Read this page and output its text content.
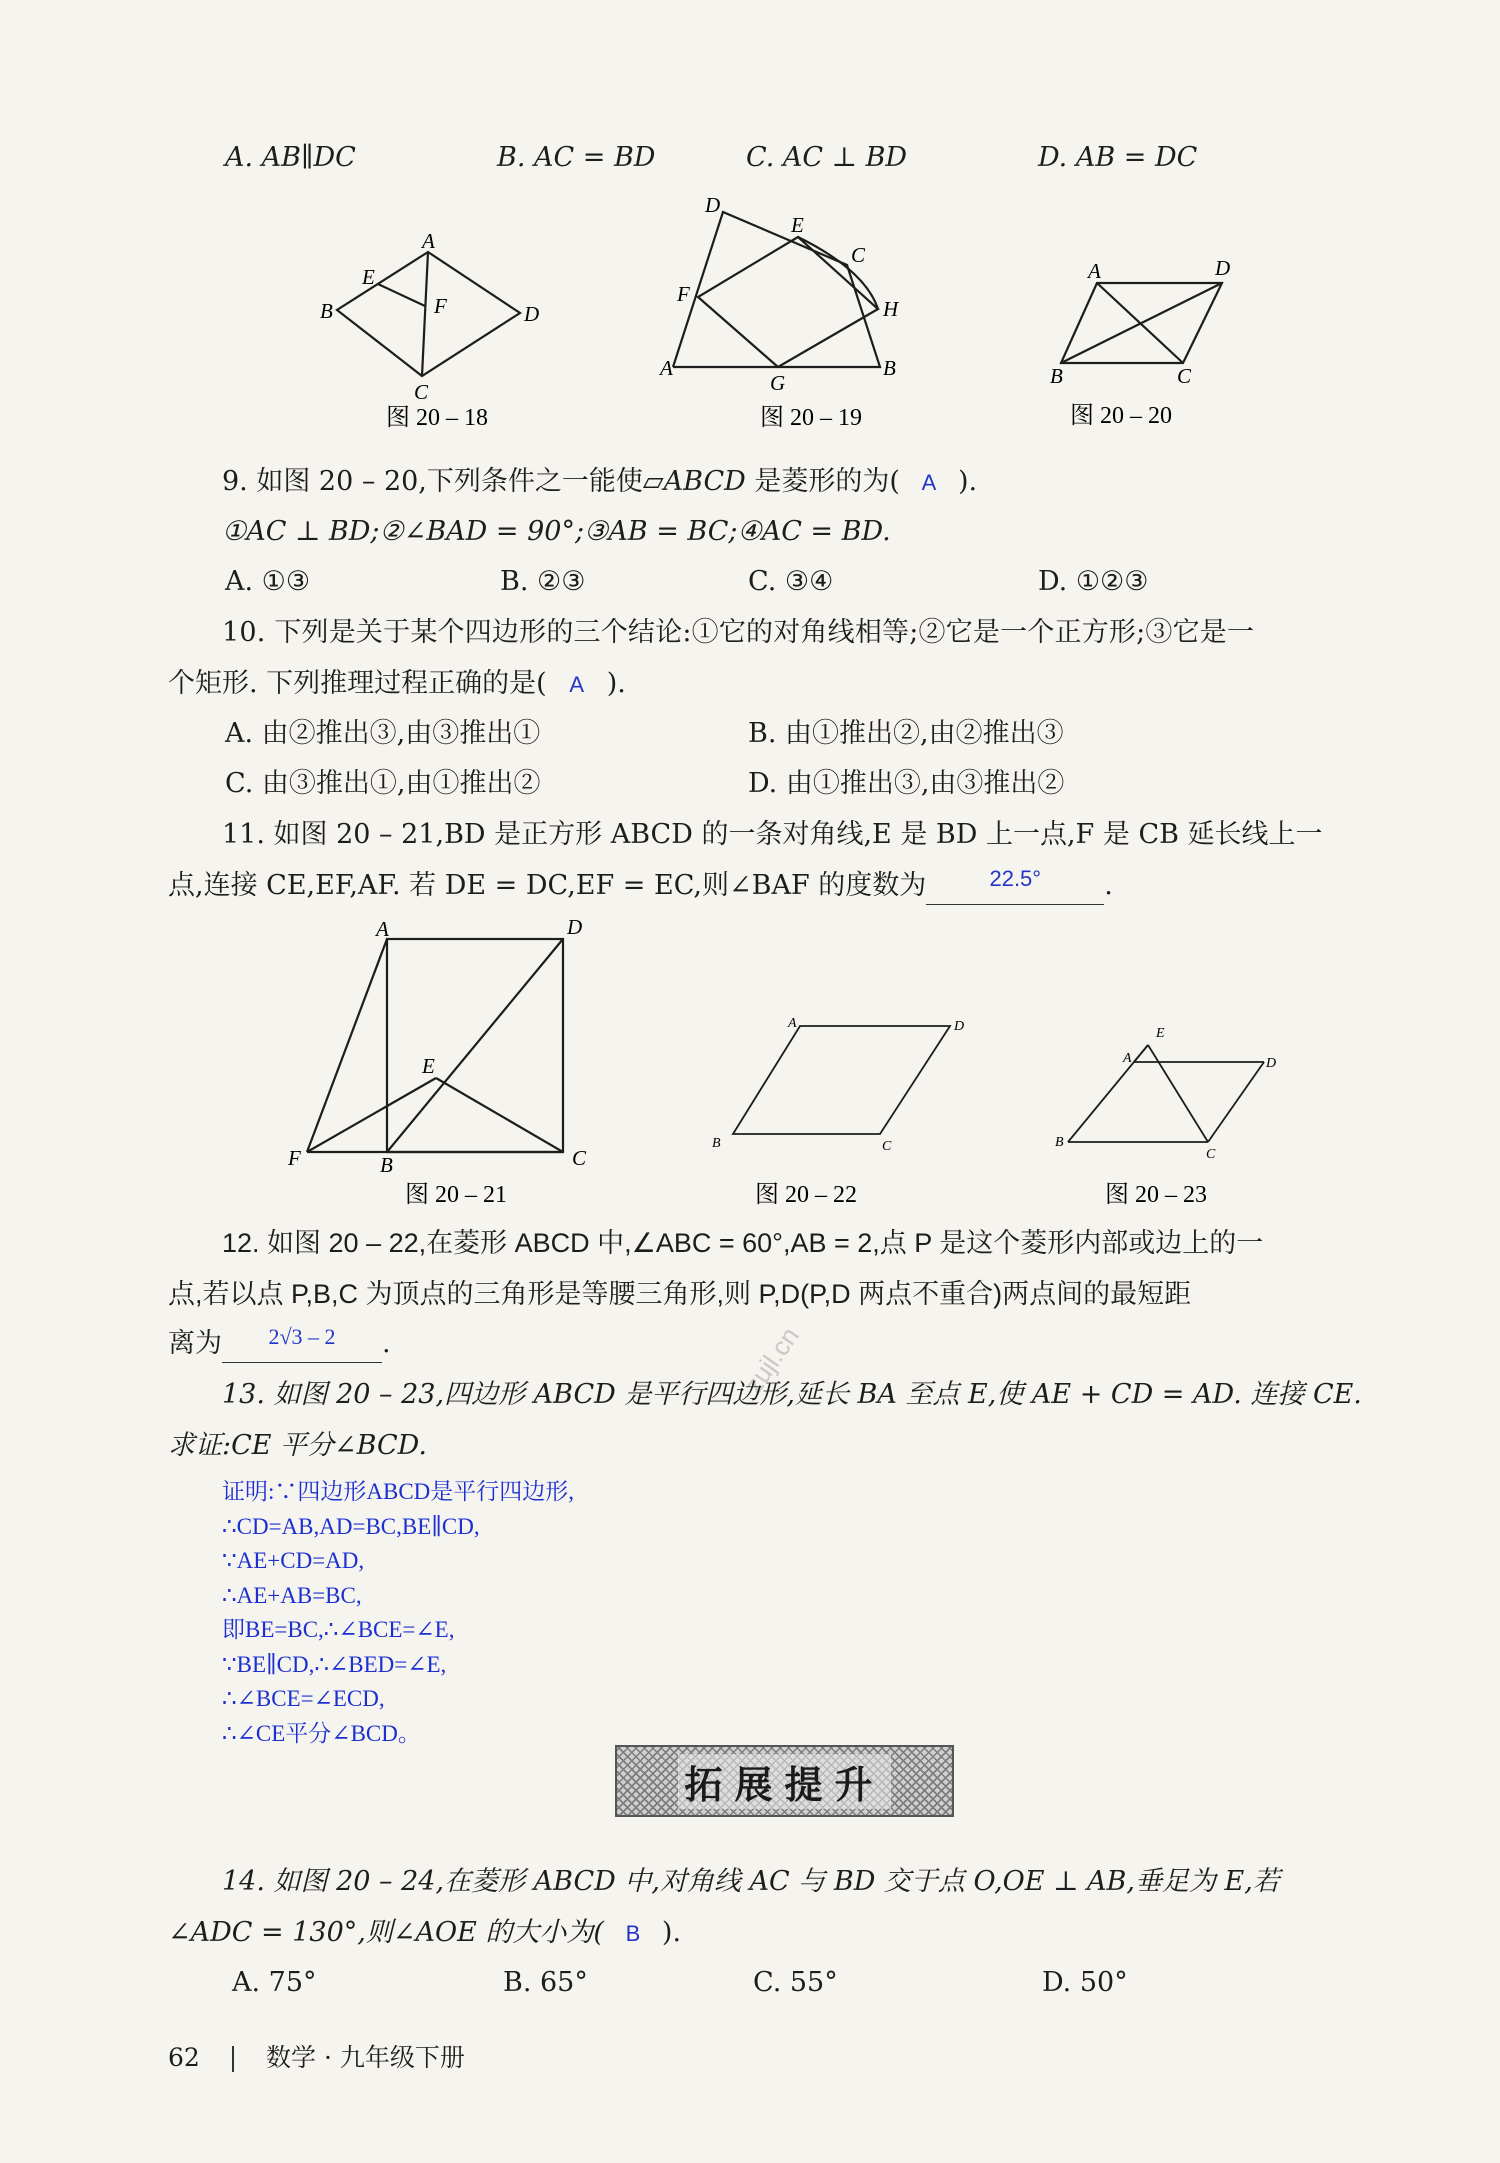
A. AB∥DC	B. AC = BD	C. AC ⊥ BD	D. AB = DC
A
B
C
D
E
F
图 20 – 18
D
E
C
F
H
A
G
B
图 20 – 19
A
B	C
D
图 20 – 20
9. 如图 20 – 20,下列条件之一能使▱ABCD 是菱形的为( A ).
①AC ⊥ BD;②∠BAD = 90°;③AB = BC;④AC = BD.
A. ①③	B. ②③	C. ③④	D. ①②③
10. 下列是关于某个四边形的三个结论:①它的对角线相等;②它是一个正方形;③它是一
个矩形. 下列推理过程正确的是( A ).
A. 由②推出③,由③推出①	B. 由①推出②,由②推出③
C. 由③推出①,由①推出②	D. 由①推出③,由③推出②
11. 如图 20 – 21,BD 是正方形 ABCD 的一条对角线,E 是 BD 上一点,F 是 CB 延长线上一
点,连接 CE,EF,AF. 若 DE = DC,EF = EC,则∠BAF 的度数为	$^{22.5^\circ}$ .
A	D
E
F	B	C
图 20 – 21
A	D
B	C
图 20 – 22
E
A	D
B
C
图 20 – 23
12. 如图 20 – 22,在菱形 ABCD 中,∠ABC = 60°,AB = 2,点 P 是这个菱形内部或边上的一
点,若以点 P,B,C 为顶点的三角形是等腰三角形,则 P,D(P,D 两点不重合)两点间的最短距
离为 $^{2√3 - 2}$ .	zujl.cn
13. 如图 20 – 23,四边形 ABCD 是平行四边形,延长 BA 至点 E,使 AE + CD = AD. 连接 CE.
求证:CE 平分∠BCD.
证明:∵四边形ABCD是平行四边形,
∴CD=AB,AD=BC,BE∥CD,
∵AE+CD=AD,
∴AE+AB=BC,
即BE=BC,∴∠BCE=∠E,
∵BE∥CD,∴∠BED=∠E,
∴∠BCE=∠ECD,
∴∠CE平分∠BCD。
拓展提升
14. 如图 20 – 24,在菱形 ABCD 中,对角线 AC 与 BD 交于点 O,OE ⊥ AB,垂足为 E,若
∠ADC = 130°,则∠AOE 的大小为( B ).
A. 75°	B. 65°	C. 55°	D. 50°
62	数学 · 九年级下册
